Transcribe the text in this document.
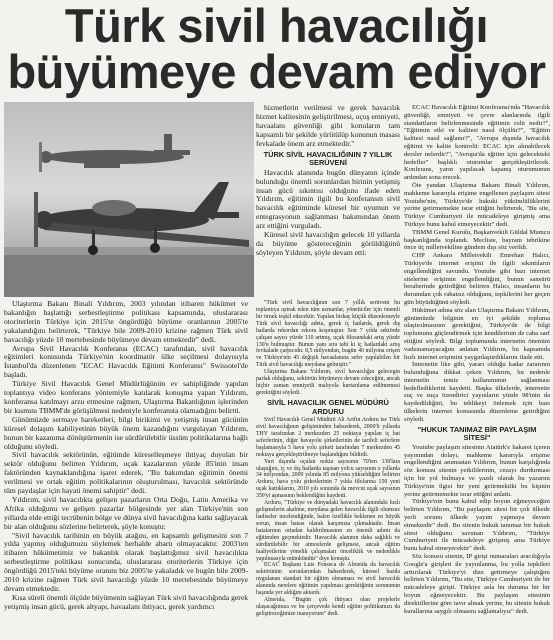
Türk sivil havacılığı
büyümeye devam ediyor

Ulaştırma Bakanı Binali Yıldırım, 2003 yılından itibaren hükümet ve bakanlığın başlattığı serbestleştirme politikası kapsamında, uluslararası otoriterlerin Türkiye için 2015'te öngördüğü büyüme oranlarının 2005'te yakalandığını belirterek, "Türkiye bile 2009-2010 krizine rağmen Türk sivil havacılığı yüzde 10 mertebesinde büyümeye devam etmektedir" dedi.

Avrupa Sivil Havacılık Konferansı (ECAC) tarafından, sivil havacılık eğitimleri konusunda Türkiye'nin koordinatör ülke seçilmesi dolayısıyla İstanbul'da düzenlenen "ECAC Havacılık Eğitimi Konferansı" Swissotel'de başladı.

Türkiye Sivil Havacılık Genel Müdürlüğünün ev sahipliğinde yapılan toplantıya video konferans yöntemiyle katılarak konuşma yapan Yıldırım, konferansa katılmayı arzu etmesine rağmen, Ulaştırma Bakanlığının işlerinden bir kısmını TBMM'de görüşülmesi nedeniyle konferansta olamadığını belirtti.

Günümüzde sermaye hareketleri, bilgi birikimi ve yetişmiş insan gücünün küresel dolaşım kabiliyetinin büyük önem kazandığını vurgulayan Yıldırım, bunun bir kazanıma dönüştürmenin ise sürdürülebilir üssüm politikalarına bağlı olduğunu söyledi.

Sivil havacılık sektörünün, eğitimde küreselleşmeye ihtiyaç duyulan bir sektör olduğunu belirten Yıldırım, uçak kazalarının yüzde 85'inin insan faktöründen kaynaklandığına işaret ederek, "Bu bakımdan eğitimin önemi verilmesi ve ortak eğitim politikalarının oluşturulması, havacılık sektöründe tüm paydaşlar için hayati önemi sahiptir" dedi.

Yıldırım, sivil havacılıkta gelişen pazarların Orta Doğu, Latin Amerika ve Afrika olduğunu ve gelişen pazarlar bölgesinde yer alan Türkiye'nin son yıllarda elde ettiği tecrübenin bölge ve dünya sivil havacılığına katkı sağlayacak bir alan olduğunu sözlerine belirterek, şöyle konuştu:

"Sivil havacılık tarihinin en büyük atağını, en kapsamlı gelişmesini son 7 yılda yapmış olduğumuzu söylemek herhalde abartı olmayacaktır. 2003'ten itibaren hükümetimiz ve bakanlık olarak başlattığımız sivil havacılıkta serbestleştirme politikası sonucunda, uluslararası otoriterlerin Türkiye için öngördüğü 2015'teki büyüme oranını biz 2005'te yakaladık ve bugün bile 2009-2010 krizine rağmen Türk sivil havacılığı yüzde 10 mertebesinde büyümeye devam etmektedir.

Kısa süreli önemli ölçüde büyümenin sağlayan Türk sivil havacılığında gerek yetişmiş insan gücü, gerek altyapı, havaalanı ihtiyacı, gerek yardımcı

hizmetlerin verilmesi ve gerek havacılık hizmet kalitesinin geliştirilmesi, uçuş emniyeti, havaalanı güvenliği gibi konuların tam kapsamlı bir şekilde yürütülüp konunun masası fevkalade önem arz etmektedir."

TÜRK SİVİL HAVACILIĞININ 7 YILLIK SERÜVENİ

Havacılık alanında bugün dünyanın içinde bulunduğu önemli sorunlardan birinin yetişmiş insan gücü sıkıntısı olduğunu ifade eden Yıldırım, eğitimin ilgili bu konferansın sivil havacılık eğitiminde küresel bir uyumun ve entegrasyonun sağlanması bakımından önem arz ettiğini vurguladı.

Küresel sivil havacılığın gelecek 10 yıllarda da büyüme göstereceğinin görüldüğünü söyleyen Yıldırım, şöyle devam etti:

"Türk sivil havacılığının son 7 yıllık serüveni bu toplantıya ışıtrak eden tüm uzmanlar, yöneticiler için önemli bir örnek teşkil edecektir. Yapılan birkaç küçük düzenlemeyle Türk sivil havacılığı adeta, gerek iç hatlarda, gerek dış hatlarda rekordan rekora koşmuştur. Son 7 yılda sektörde çalışan sayısı yüzde 110 artmış, uçak filosundaki artış yüzde 130'u bulmuştur. Bunun yanı sıra tabi ki iç hatlardaki artış fevkalade çarpıcıdır. 8,5 milyondan, bugün 40 milyona erişen ve Türkiye'nin 45 değişik havaalanına sefer yapılabilen bir Türk sivil havacılığı meydana gelmiştir."

Ulaştırma Bakanı Yıldırım, sivil havacılığın gelecegin parlak olduğunu, sektörün büyümeye devam edeceğini, ancak hiçbir zaman emniyetli malıyola kurtarılama edilmemesi gerektiğini söyledi.

SİVİL HAVACILIK GENEL MÜDÜRÜ ARDURU

Sivil Havacılık Genel Müdürü Ali Arifin Arduru ise Türk sivil havacılığının gelişiminden bahsederek, 2000'li yıllarda THY tarafından 2 merkezden 25 noktaya yapılan iç hat seferlerinin, diğer havayolu şirketlerinin de tarifeli seferlere başlamasıyla 5 hava yolu şirketi tarafından 7 merkezden 45 noktaya gerçekleştirilmeye başlandığını bildirdi.

Yurt dışında uçulan nokta sayısının 70'ten 130'lara ulaştığını, iç ve dış hatlarda taşınan yolcu sayısının o yıllarda 34 milyondan, 2009 yılında 85 milyona yükseldiğini belirten Arduru, hava yolu şirketlerinin 7 yılda filolarına 150 yeni uçak kattıklarını, 2010 yılı sonunda da mevcut uçak sayısının 350'yi aşmasının beklendiğini kaydetti.

Arduru, "Türkiye ve dünyadaki havacılık alanındaki hızlı gelişmelerin akabine, meydana gelen havacılık ilgili olumsuz hadiseler incelendiğinde, halen özellikle beklenen en büyük sorun, insan hatası olarak karşımıza çıkmaktadır. İnsan hatalarının ortadan kaldırılmasının en önemli adımı da eğitimden geçmektedir. Havacılık alanının daha sağlıklı ve sürdürülebilir bir atmosferde gelişmesi, ancak eğitim faaliyetlerine yönelik çalışmaları önceliklik ve nedenlikle yapılmasıyla mümkündür" diye konuştu.

ECAC Başkanı Luis Fonseca de Almeida da havacılık sektörünün sorunlarından bahsederek, küresel bazda uygulanan standart bir eğitim olmaması ve sivil havacılık alanında nerelere eğitimin yapılması gerektiğinin sorununun başında yer aldığını aktardı.

Almeida, "Bugün çok ihtiyacı olan projelerle ulaşacağımıza ve bu çerçevede kendi eğitim politikamızı da geliştireceğimize inanıyorum" dedi.

ECAC Havacılık Eğitimi Konferansı'nda "Havacılık güvenliği, emniyeti ve çevre alanlarında ilgili standartların belirlenmesinde eğitimin rolü nedir?", "Eğitimin etki ve kalitesi nasıl ölçülür?", "Eğitim kalitesi nasıl sağlanır?", "Avrupa dışında havacılık eğitimi ve kalite kontrolü: ECAC için alınabilecek dersler nelerdir?", "Avrupa'da eğitim için gelecekteki hedefler" başlıklı oturumlar gerçekleştirilecek. Konferans, yarın yapılacak kapanış oturumunun ardından sona erecek.

Öte yandan Ulaştırma Bakanı Binali Yıldırım, mahkeme kararıyla erişime engellenen paylaşım sitesi Youtube'nin, Türkiye'de hukuki yükümlülüklerini yerine getirmemekte israr ettiğini belirterek, "Bu site, Türkiye Cumhuriyeti ile mücadeleye girişmiş ama Türkiye bunu kabul etmeyecektir" dedi.

TBMM Genel Kurulu, Başkanvekili Güldal Mumcu başkanlığında toplandı. Mecliste, bayram tebrikine önce üç milletvekiline gündem dışı söz verildi.

CHP Ankara Milletvekili Emrehan Halıcı, Türkiye'de internet erişimi ile ilgili sıkıntıların engellendiğini savundu. Youtube gibi bazı internet sitelerine erişimin engellendiğini, bunun sansürü beraberinde getirdiğini belirten Halıcı, insanların bu durumdan çok rahatsız olduğunu, tepkilerini her geçen gün büyüdüğünü söyledi.

Hükümet adına söz alan Ulaştırma Bakanı Yıldırım, günümüzde bilginin en iyi şekilde topluma ulaştırılmasının gerektiğini, Türkiye'de de bilgi toplumunu güçlendirmek için kendilerinin de caba sarf ettiğini söyledi. Bilgi toplumunda internetin önemini vadsınamayacağını anlatan Yıldırım, bu kapsamda hızlı internet erişimini yaygınlaştırdıklarını ifade etti.

İnternetin like gibi, yararı olduğu kadar zararının bulunduğuna dikkat çeken Yıldırım, bu nedenle internetin temiz kullanımının sağlanması hedeflediklerini kaydetti. Başka ülkelerde, internette suç ve suça özendirici yayınların yüzde 98'inin da kaydedildiğini, bu tehlikeyi önlemek için bazı ülkelerin internet konusunda düzenleme getirdiğini söyledi.

"HUKUK TANIMAZ BİR PAYLAŞIM SİTESİ"

Youtube paylaşım sitesinin Atatürk'e hakaret içeren yayınından dolayı, mahkeme kararıyla erişime engellendiğini anımsatan Yıldırım, bunun karşılığında söz konusu sitenin yetkililerinin, cezayı durdurması için bir yol bulmaya ve yazılı olarak bu yazarını Türkiye'nin ilgisi bir yeni getirmektiki bu kişinin yerine getirmemekte israr ettiğini anlattı.

Türkiye'nin bunu kabul edip boyun eğmeyeceğini belirten Yıldırım, "Bu paylaşım sitesi bir çok ülkede yerli sorunu ülkede yayım yapmaya devam etmektedir" dedi. Bu sitenin hukuk tanımaz bir hukuk sitesi olduğunu savunan Yıldırım, "Türkiye Cumhuriyeti ile mücadeleye girişmiş ama Türkiye bunu kabul etmeyecektir" dedi.

Söz konusu sitenin, IP girişi numaraları aracılığıyla Google'a girişleri ile yayınlanma, bu yolla tepkileri arttırılarak Türkiye'yi dize getirmeye çalıştığını belirten Yıldırım, "Bu site, Türkiye Cumhuriyeti ile bir mücadeleye girişti. Türkiye asla bu duruma bir bir boyun eğmeyecektir. Bu paylaşım sitesinin direktiflerine göre tavır almak yerine, bu sitenin hukuk kurallarına saygılı olmasını sağlamalıyız" dedi.
